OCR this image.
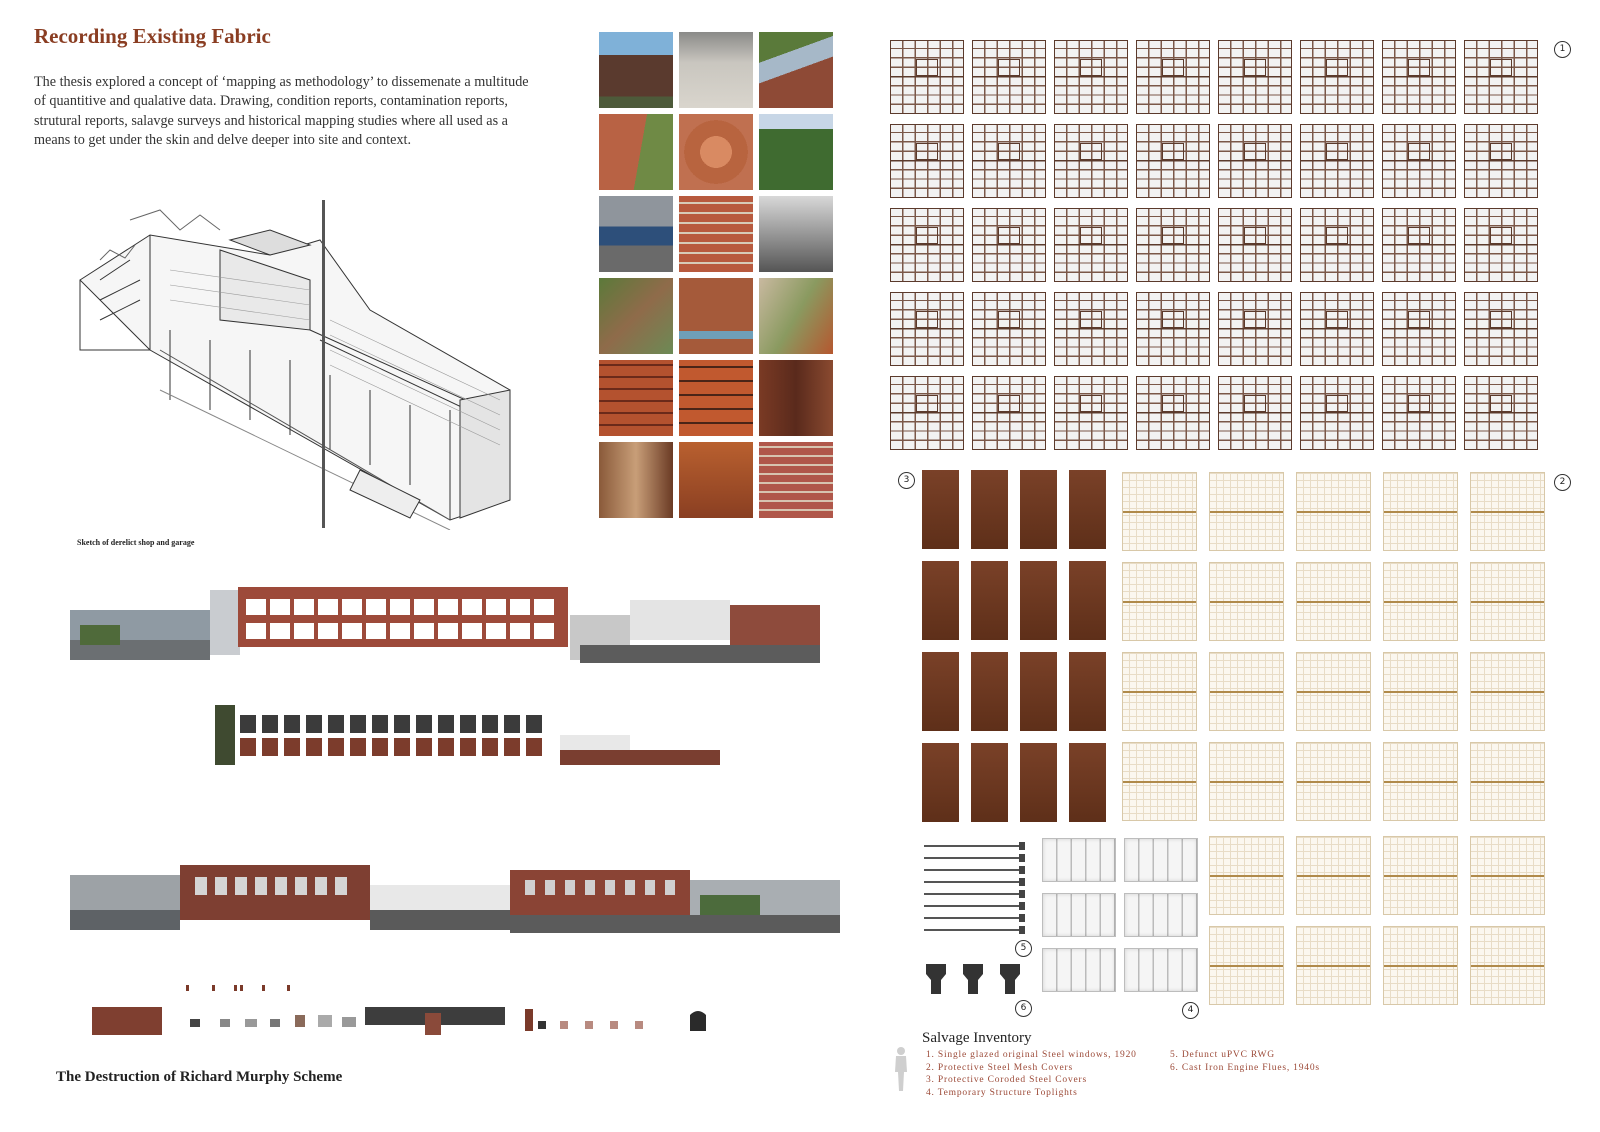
Recording Existing Fabric
The thesis explored a concept of ‘mapping as methodology’ to dissemenate a multitude of quantitive and qualative data. Drawing, condition reports, contamination reports, strutural reports, salavge surveys and historical mapping studies where all used as a means to get under the skin and delve deeper into site and context.
Sketch of derelict shop and garage
The Destruction of Richard Murphy Scheme
1
2
3
4
5
6
Salvage Inventory
1. Single glazed original Steel windows, 1920
2. Protective Steel Mesh Covers
3. Protective Coroded Steel Covers
4. Temporary Structure Toplights
5. Defunct uPVC RWG
6. Cast Iron Engine Flues, 1940s
